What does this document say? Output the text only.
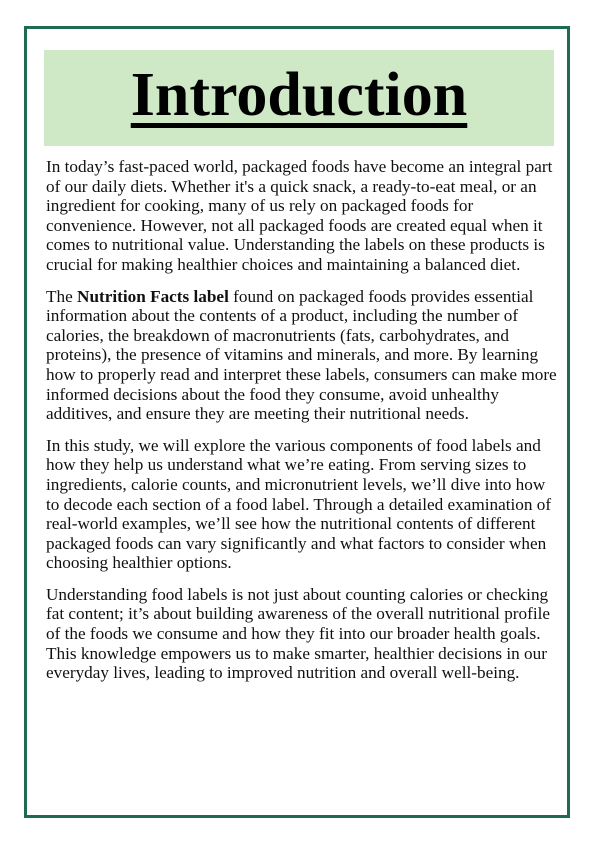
Introduction

In today’s fast-paced world, packaged foods have become an integral part of our daily diets. Whether it's a quick snack, a ready-to-eat meal, or an ingredient for cooking, many of us rely on packaged foods for convenience. However, not all packaged foods are created equal when it comes to nutritional value. Understanding the labels on these products is crucial for making healthier choices and maintaining a balanced diet.

The Nutrition Facts label found on packaged foods provides essential information about the contents of a product, including the number of calories, the breakdown of macronutrients (fats, carbohydrates, and proteins), the presence of vitamins and minerals, and more. By learning how to properly read and interpret these labels, consumers can make more informed decisions about the food they consume, avoid unhealthy additives, and ensure they are meeting their nutritional needs.

In this study, we will explore the various components of food labels and how they help us understand what we’re eating. From serving sizes to ingredients, calorie counts, and micronutrient levels, we’ll dive into how to decode each section of a food label. Through a detailed examination of real-world examples, we’ll see how the nutritional contents of different packaged foods can vary significantly and what factors to consider when choosing healthier options.

Understanding food labels is not just about counting calories or checking fat content; it’s about building awareness of the overall nutritional profile of the foods we consume and how they fit into our broader health goals. This knowledge empowers us to make smarter, healthier decisions in our everyday lives, leading to improved nutrition and overall well-being.
